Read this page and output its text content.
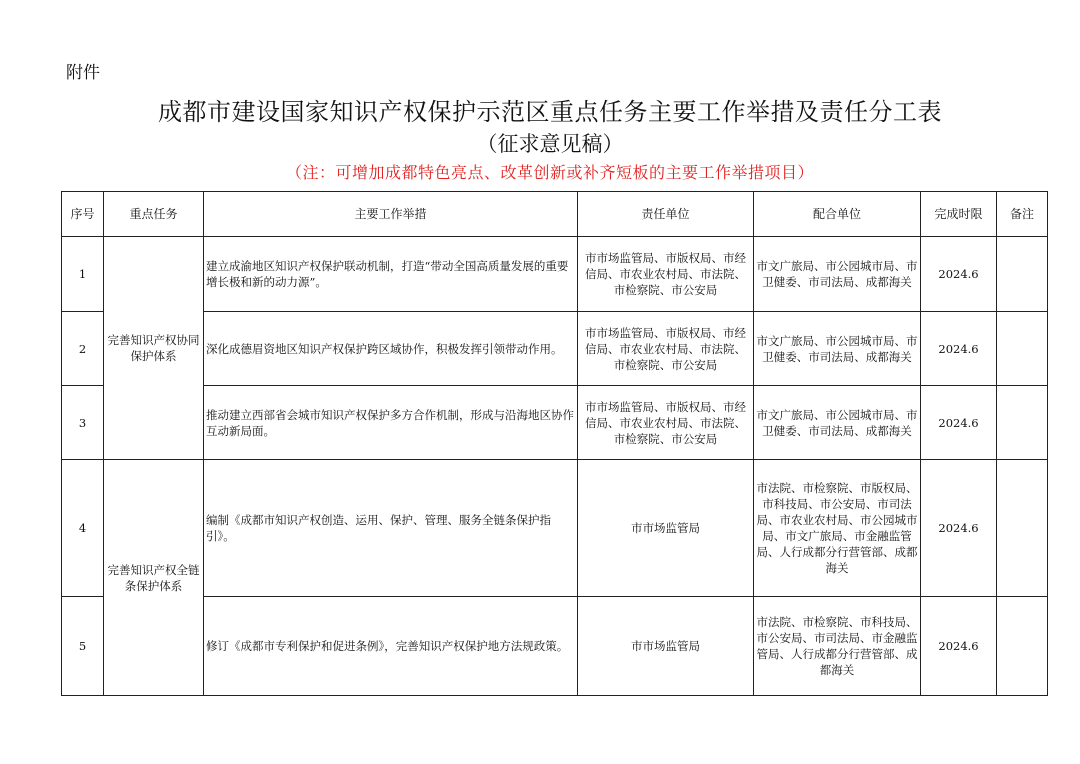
附件
成都市建设国家知识产权保护示范区重点任务主要工作举措及责任分工表
（征求意见稿）
（注：可增加成都特色亮点、改革创新或补齐短板的主要工作举措项目）
序号	重点任务	主要工作举措	责任单位	配合单位	完成时限	备注
1	完善知识产权协同保护体系	建立成渝地区知识产权保护联动机制，打造“带动全国高质量发展的重要增长极和新的动力源”。	市市场监管局、市版权局、市经信局、市农业农村局、市法院、市检察院、市公安局	市文广旅局、市公园城市局、市卫健委、市司法局、成都海关	2024.6	
2		深化成德眉资地区知识产权保护跨区域协作，积极发挥引领带动作用。	市市场监管局、市版权局、市经信局、市农业农村局、市法院、市检察院、市公安局	市文广旅局、市公园城市局、市卫健委、市司法局、成都海关	2024.6	
3		推动建立西部省会城市知识产权保护多方合作机制，形成与沿海地区协作互动新局面。	市市场监管局、市版权局、市经信局、市农业农村局、市法院、市检察院、市公安局	市文广旅局、市公园城市局、市卫健委、市司法局、成都海关	2024.6	
4	完善知识产权全链条保护体系	编制《成都市知识产权创造、运用、保护、管理、服务全链条保护指引》。	市市场监管局	市法院、市检察院、市版权局、市科技局、市公安局、市司法局、市农业农村局、市公园城市局、市文广旅局、市金融监管局、人行成都分行营管部、成都海关	2024.6	
5		修订《成都市专利保护和促进条例》，完善知识产权保护地方法规政策。	市市场监管局	市法院、市检察院、市科技局、市公安局、市司法局、市金融监管局、人行成都分行营管部、成都海关	2024.6	
